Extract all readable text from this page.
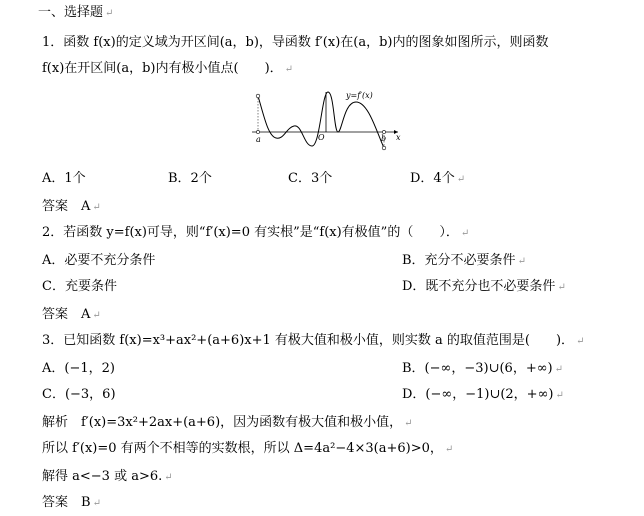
一、选择题 ↵
1．函数 f(x)的定义域为开区间(a，b)，导函数 f′(x)在(a，b)内的图象如图所示，则函数
f(x)在开区间(a，b)内有极小值点(　　)． ↵
y=f′(x)
a	O	b x
A．1个	B．2个	C．3个	D．4个 ↵
答案　A ↵
2．若函数 y=f(x)可导，则“f′(x)=0 有实根”是“f(x)有极值”的（　　）． ↵
A．必要不充分条件	B．充分不必要条件 ↵
C．充要条件	D．既不充分也不必要条件 ↵
答案　A ↵
3．已知函数 f(x)=x³+ax²+(a+6)x+1 有极大值和极小值，则实数 a 的取值范围是(　　)． ↵
A．(−1，2)	B．(−∞，−3)∪(6，+∞) ↵
C．(−3，6)	D．(−∞，−1)∪(2，+∞) ↵
解析　f′(x)=3x²+2ax+(a+6)，因为函数有极大值和极小值， ↵
所以 f′(x)=0 有两个不相等的实数根，所以 Δ=4a²−4×3(a+6)>0， ↵
解得 a<−3 或 a>6. ↵
答案　B ↵
